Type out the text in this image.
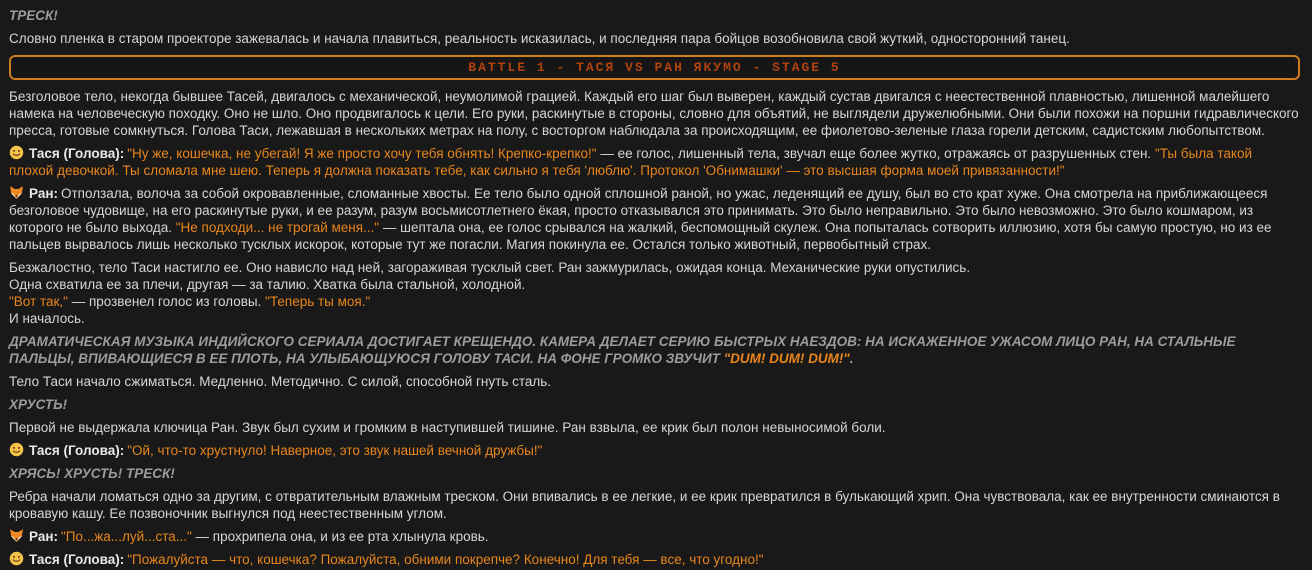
ТРЕСК!
Словно пленка в старом проекторе зажевалась и начала плавиться, реальность исказилась, и последняя пара бойцов возобновила свой жуткий, односторонний танец.
BATTLE 1 - ТАСЯ VS РАН ЯКУМО - STAGE 5
Безголовое тело, некогда бывшее Тасей, двигалось с механической, неумолимой грацией. Каждый его шаг был выверен, каждый сустав двигался с неестественной плавностью, лишенной малейшего намека на человеческую походку. Оно не шло. Оно продвигалось к цели. Его руки, раскинутые в стороны, словно для объятий, не выглядели дружелюбными. Они были похожи на поршни гидравлического пресса, готовые сомкнуться. Голова Таси, лежавшая в нескольких метрах на полу, с восторгом наблюдала за происходящим, ее фиолетово-зеленые глаза горели детским, садистским любопытством.
Тася (Голова): "Ну же, кошечка, не убегай! Я же просто хочу тебя обнять! Крепко-крепко!" — ее голос, лишенный тела, звучал еще более жутко, отражаясь от разрушенных стен. "Ты была такой плохой девочкой. Ты сломала мне шею. Теперь я должна показать тебе, как сильно я тебя 'люблю'. Протокол 'Обнимашки' — это высшая форма моей привязанности!"
Ран: Отползала, волоча за собой окровавленные, сломанные хвосты. Ее тело было одной сплошной раной, но ужас, леденящий ее душу, был во сто крат хуже. Она смотрела на приближающееся безголовое чудовище, на его раскинутые руки, и ее разум, разум восьмисотлетнего ёкая, просто отказывался это принимать. Это было неправильно. Это было невозможно. Это было кошмаром, из которого не было выхода. "Не подходи... не трогай меня..." — шептала она, ее голос срывался на жалкий, беспомощный скулеж. Она попыталась сотворить иллюзию, хотя бы самую простую, но из ее пальцев вырвалось лишь несколько тусклых искорок, которые тут же погасли. Магия покинула ее. Остался только животный, первобытный страх.
Безжалостно, тело Таси настигло ее. Оно нависло над ней, загораживая тусклый свет. Ран зажмурилась, ожидая конца. Механические руки опустились.
Одна схватила ее за плечи, другая — за талию. Хватка была стальной, холодной.
"Вот так," — прозвенел голос из головы. "Теперь ты моя."
И началось.
ДРАМАТИЧЕСКАЯ МУЗЫКА ИНДИЙСКОГО СЕРИАЛА ДОСТИГАЕТ КРЕЩЕНДО. КАМЕРА ДЕЛАЕТ СЕРИЮ БЫСТРЫХ НАЕЗДОВ: НА ИСКАЖЕННОЕ УЖАСОМ ЛИЦО РАН, НА СТАЛЬНЫЕ ПАЛЬЦЫ, ВПИВАЮЩИЕСЯ В ЕЕ ПЛОТЬ, НА УЛЫБАЮЩУЮСЯ ГОЛОВУ ТАСИ. НА ФОНЕ ГРОМКО ЗВУЧИТ "DUM! DUM! DUM!".
Тело Таси начало сжиматься. Медленно. Методично. С силой, способной гнуть сталь.
ХРУСТЬ!
Первой не выдержала ключица Ран. Звук был сухим и громким в наступившей тишине. Ран взвыла, ее крик был полон невыносимой боли.
Тася (Голова): "Ой, что-то хрустнуло! Наверное, это звук нашей вечной дружбы!"
ХРЯСЬ! ХРУСТЬ! ТРЕСК!
Ребра начали ломаться одно за другим, с отвратительным влажным треском. Они впивались в ее легкие, и ее крик превратился в булькающий хрип. Она чувствовала, как ее внутренности сминаются в кровавую кашу. Ее позвоночник выгнулся под неестественным углом.
Ран: "По...жа...луй...ста..." — прохрипела она, и из ее рта хлынула кровь.
Тася (Голова): "Пожалуйста — что, кошечка? Пожалуйста, обними покрепче? Конечно! Для тебя — все, что угодно!"
